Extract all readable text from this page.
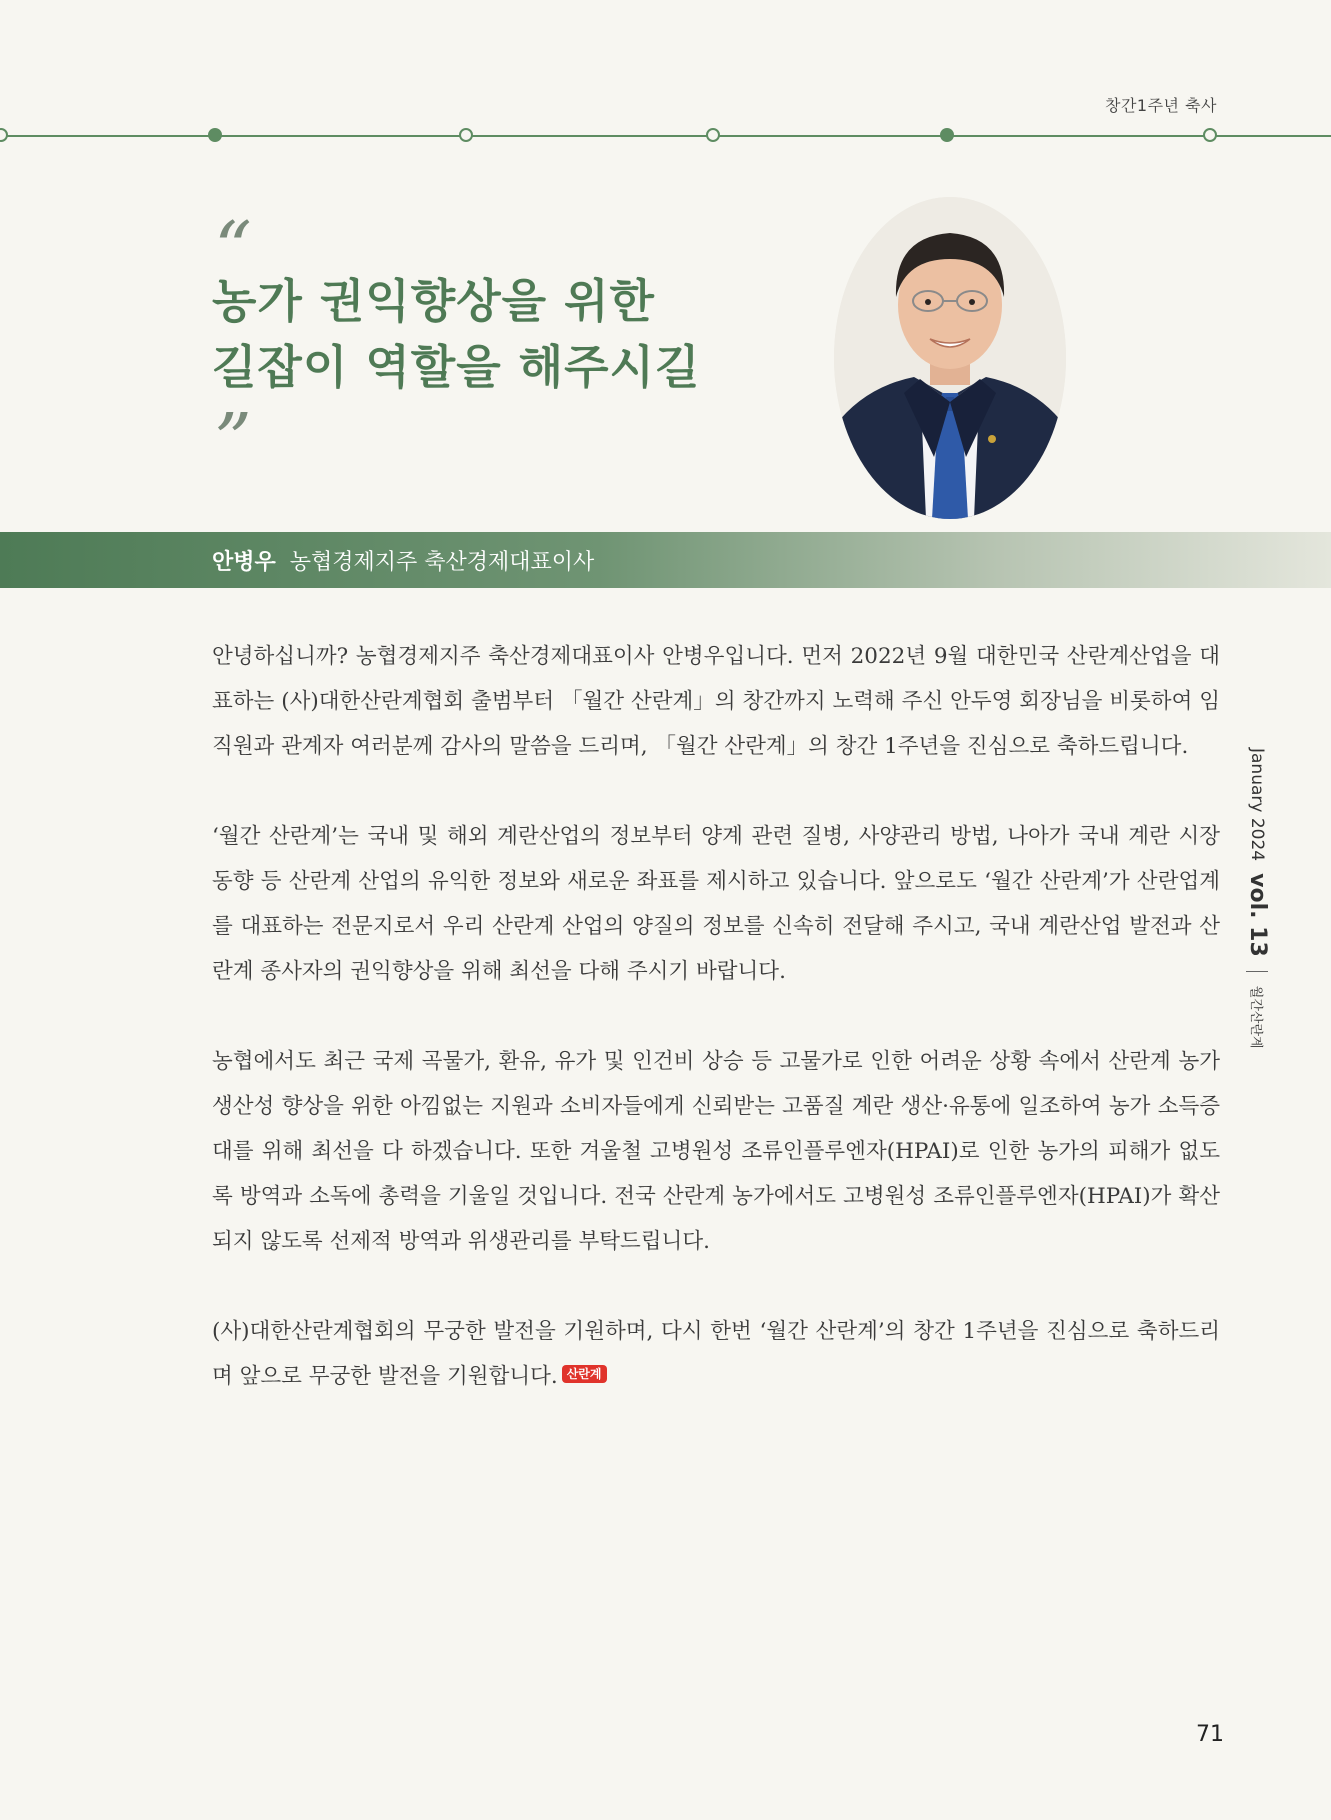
창간1주년 축사
“
농가 권익향상을 위한
길잡이 역할을 해주시길
”
안병우 농협경제지주 축산경제대표이사

안녕하십니까? 농협경제지주 축산경제대표이사 안병우입니다. 먼저 2022년 9월 대한민국 산란계산업을 대표하는 (사)대한산란계협회 출범부터 「월간 산란계」의 창간까지 노력해 주신 안두영 회장님을 비롯하여 임직원과 관계자 여러분께 감사의 말씀을 드리며, 「월간 산란계」의 창간 1주년을 진심으로 축하드립니다.

‘월간 산란계’는 국내 및 해외 계란산업의 정보부터 양계 관련 질병, 사양관리 방법, 나아가 국내 계란 시장 동향 등 산란계 산업의 유익한 정보와 새로운 좌표를 제시하고 있습니다. 앞으로도 ‘월간 산란계’가 산란업계를 대표하는 전문지로서 우리 산란계 산업의 양질의 정보를 신속히 전달해 주시고, 국내 계란산업 발전과 산란계 종사자의 권익향상을 위해 최선을 다해 주시기 바랍니다.

농협에서도 최근 국제 곡물가, 환유, 유가 및 인건비 상승 등 고물가로 인한 어려운 상황 속에서 산란계 농가 생산성 향상을 위한 아낌없는 지원과 소비자들에게 신뢰받는 고품질 계란 생산·유통에 일조하여 농가 소득증대를 위해 최선을 다 하겠습니다. 또한 겨울철 고병원성 조류인플루엔자(HPAI)로 인한 농가의 피해가 없도록 방역과 소독에 총력을 기울일 것입니다. 전국 산란계 농가에서도 고병원성 조류인플루엔자(HPAI)가 확산되지 않도록 선제적 방역과 위생관리를 부탁드립니다.

(사)대한산란계협회의 무궁한 발전을 기원하며, 다시 한번 ‘월간 산란계’의 창간 1주년을 진심으로 축하드리며 앞으로 무궁한 발전을 기원합니다. 산란계

January 2024
vol. 13
월간산란계
71
